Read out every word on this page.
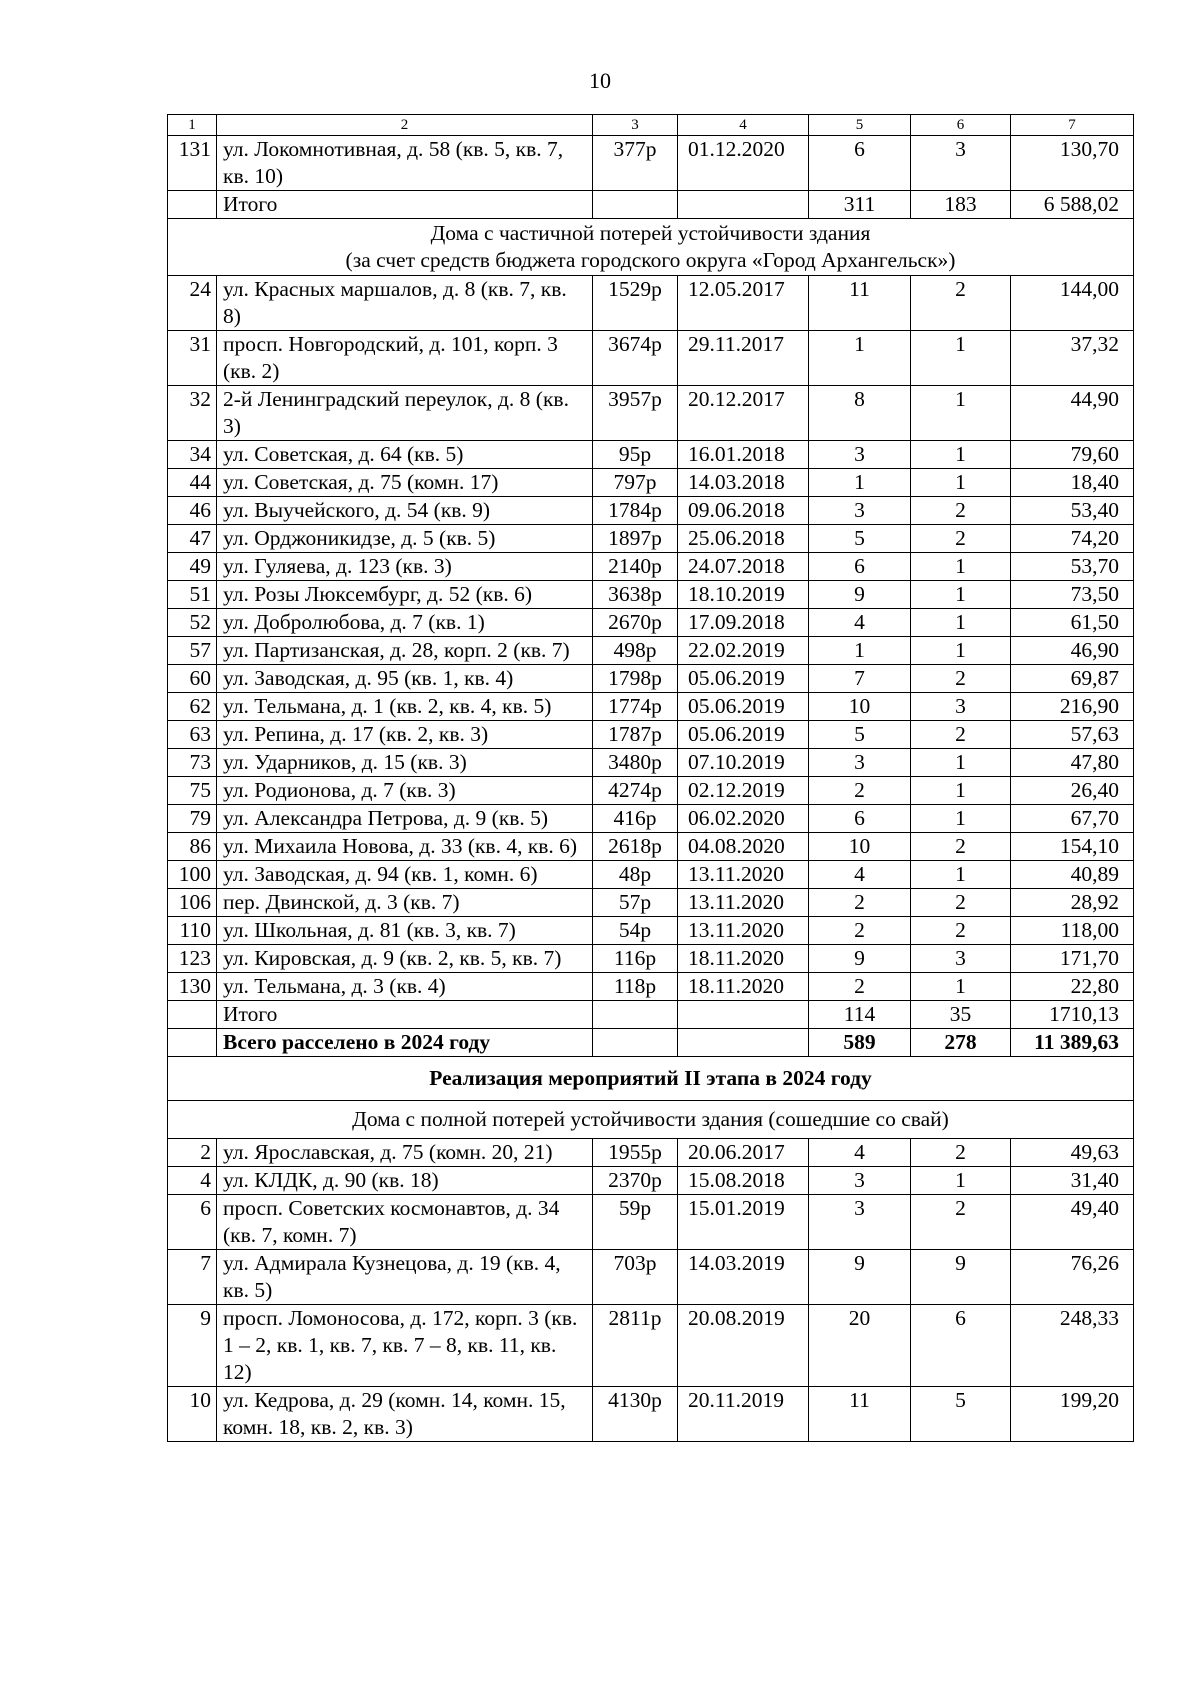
10
1	2	3	4	5	6	7
131	ул. Локомнотивная, д. 58 (кв. 5, кв. 7, кв. 10)	377р	01.12.2020	6	3	130,70
	Итого			311	183	6 588,02

Дома с частичной потерей устойчивости здания
(за счет средств бюджета городского округа «Город Архангельск»)						

24	ул. Красных маршалов, д. 8 (кв. 7, кв. 8)	1529р	12.05.2017	11	2	144,00
31	просп. Новгородский, д. 101, корп. 3 (кв. 2)	3674р	29.11.2017	1	1	37,32
32	2-й Ленинградский переулок, д. 8 (кв. 3)	3957р	20.12.2017	8	1	44,90
34	ул. Советская, д. 64 (кв. 5)	95р	16.01.2018	3	1	79,60
44	ул. Советская, д. 75 (комн. 17)	797р	14.03.2018	1	1	18,40
46	ул. Выучейского, д. 54 (кв. 9)	1784р	09.06.2018	3	2	53,40
47	ул. Орджоникидзе, д. 5 (кв. 5)	1897р	25.06.2018	5	2	74,20
49	ул. Гуляева, д. 123 (кв. 3)	2140р	24.07.2018	6	1	53,70
51	ул. Розы Люксембург, д. 52 (кв. 6)	3638р	18.10.2019	9	1	73,50
52	ул. Добролюбова, д. 7 (кв. 1)	2670р	17.09.2018	4	1	61,50
57	ул. Партизанская, д. 28, корп. 2 (кв. 7)	498р	22.02.2019	1	1	46,90
60	ул. Заводская, д. 95 (кв. 1, кв. 4)	1798р	05.06.2019	7	2	69,87
62	ул. Тельмана, д. 1 (кв. 2, кв. 4, кв. 5)	1774р	05.06.2019	10	3	216,90
63	ул. Репина, д. 17 (кв. 2, кв. 3)	1787р	05.06.2019	5	2	57,63
73	ул. Ударников, д. 15 (кв. 3)	3480р	07.10.2019	3	1	47,80
75	ул. Родионова, д. 7 (кв. 3)	4274р	02.12.2019	2	1	26,40
79	ул. Александра Петрова, д. 9 (кв. 5)	416р	06.02.2020	6	1	67,70
86	ул. Михаила Новова, д. 33 (кв. 4, кв. 6)	2618р	04.08.2020	10	2	154,10
100	ул. Заводская, д. 94 (кв. 1, комн. 6)	48р	13.11.2020	4	1	40,89
106	пер. Двинской, д. 3 (кв. 7)	57р	13.11.2020	2	2	28,92
110	ул. Школьная, д. 81 (кв. 3, кв. 7)	54р	13.11.2020	2	2	118,00
123	ул. Кировская, д. 9 (кв. 2, кв. 5, кв. 7)	116р	18.11.2020	9	3	171,70
130	ул. Тельмана, д. 3 (кв. 4)	118р	18.11.2020	2	1	22,80
	Итого			114	35	1710,13
	Всего расселено в 2024 году			589	278	11 389,63

Реализация мероприятий II этапа в 2024 году						

Дома с полной потерей устойчивости здания (сошедшие со свай)						

2	ул. Ярославская, д. 75 (комн. 20, 21)	1955р	20.06.2017	4	2	49,63
4	ул. КЛДК, д. 90 (кв. 18)	2370р	15.08.2018	3	1	31,40
6	просп. Советских космонавтов, д. 34 (кв. 7, комн. 7)	59р	15.01.2019	3	2	49,40
7	ул. Адмирала Кузнецова, д. 19 (кв. 4, кв. 5)	703р	14.03.2019	9	9	76,26
9	просп. Ломоносова, д. 172, корп. 3 (кв. 1 – 2, кв. 1, кв. 7, кв. 7 – 8, кв. 11, кв. 12)	2811р	20.08.2019	20	6	248,33
10	ул. Кедрова, д. 29 (комн. 14, комн. 15, комн. 18, кв. 2, кв. 3)	4130р	20.11.2019	11	5	199,20
